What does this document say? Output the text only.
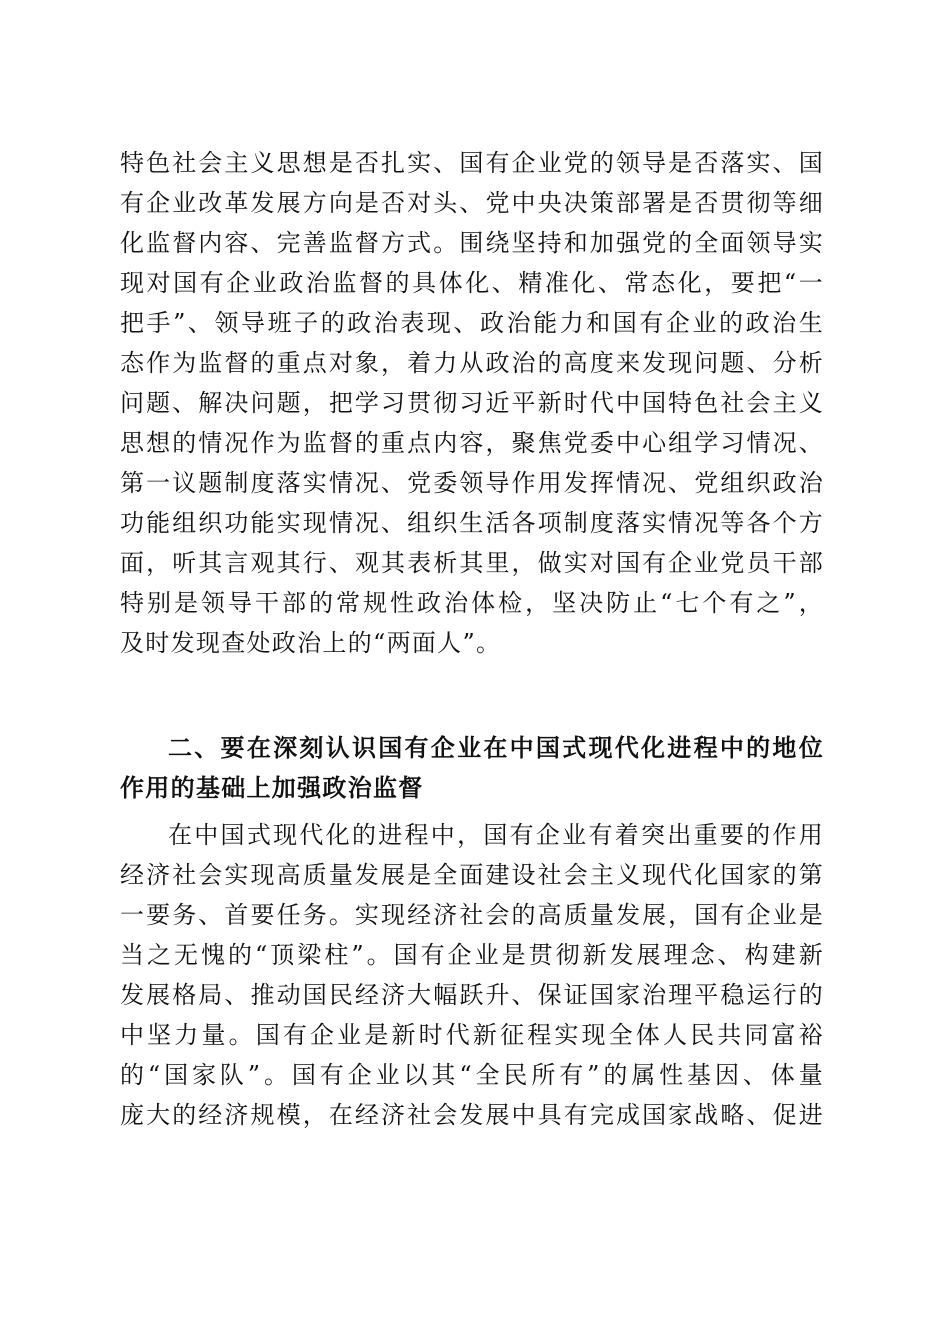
特色社会主义思想是否扎实、国有企业党的领导是否落实、国
有企业改革发展方向是否对头、党中央决策部署是否贯彻等细
化监督内容、完善监督方式。围绕坚持和加强党的全面领导实
现对国有企业政治监督的具体化、精准化、常态化，要把“一
把手”、领导班子的政治表现、政治能力和国有企业的政治生
态作为监督的重点对象，着力从政治的高度来发现问题、分析
问题、解决问题，把学习贯彻习近平新时代中国特色社会主义
思想的情况作为监督的重点内容，聚焦党委中心组学习情况、
第一议题制度落实情况、党委领导作用发挥情况、党组织政治
功能组织功能实现情况、组织生活各项制度落实情况等各个方
面，听其言观其行、观其表析其里，做实对国有企业党员干部
特别是领导干部的常规性政治体检，坚决防止“七个有之”，
及时发现查处政治上的“两面人”。
二、要在深刻认识国有企业在中国式现代化进程中的地位
作用的基础上加强政治监督
在中国式现代化的进程中，国有企业有着突出重要的作用
经济社会实现高质量发展是全面建设社会主义现代化国家的第
一要务、首要任务。实现经济社会的高质量发展，国有企业是
当之无愧的“顶梁柱”。国有企业是贯彻新发展理念、构建新
发展格局、推动国民经济大幅跃升、保证国家治理平稳运行的
中坚力量。国有企业是新时代新征程实现全体人民共同富裕
的“国家队”。国有企业以其“全民所有”的属性基因、体量
庞大的经济规模，在经济社会发展中具有完成国家战略、促进
